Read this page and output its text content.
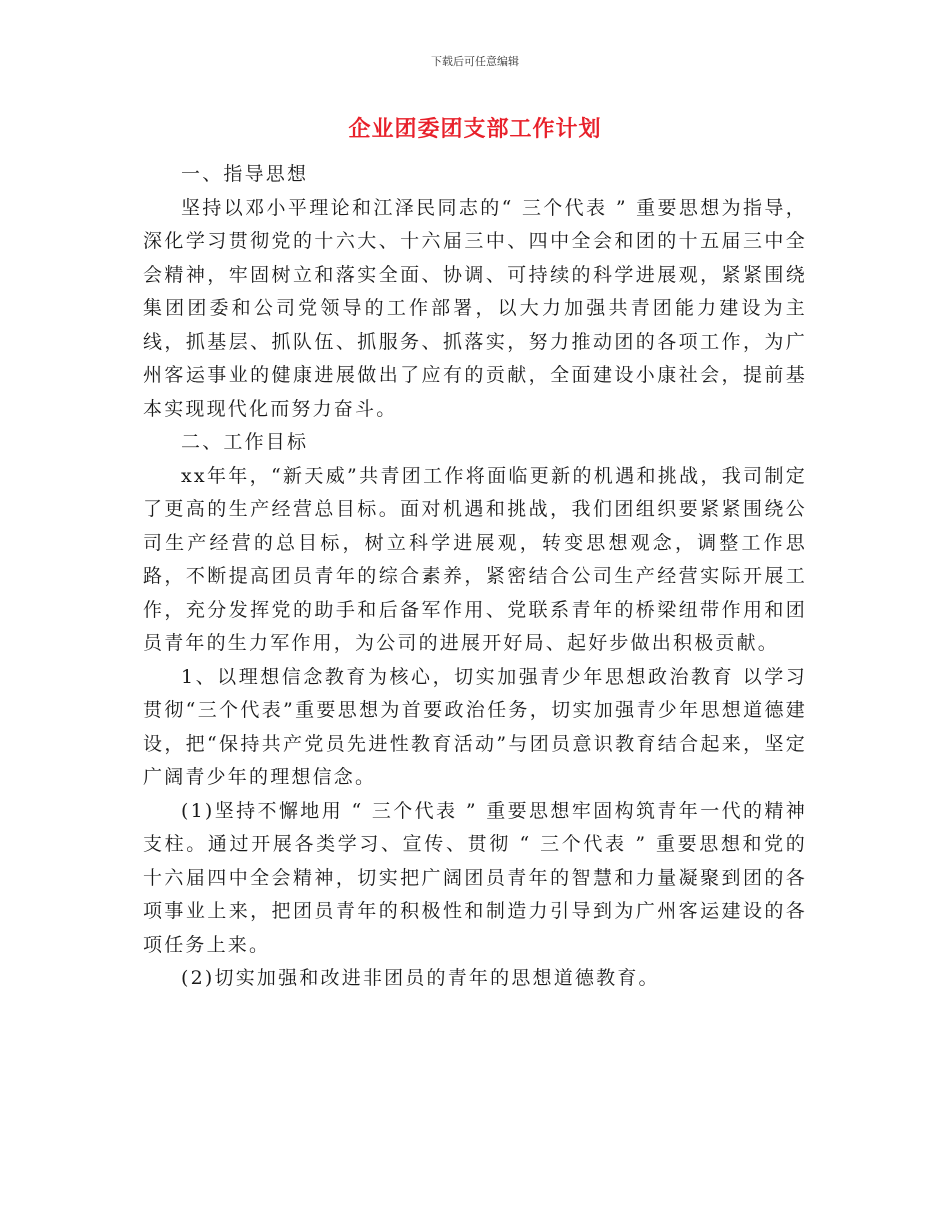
下载后可任意编辑
企业团委团支部工作计划

一、指导思想

坚持以邓小平理论和江泽民同志的“ 三个代表 ” 重要思想为指导，深化学习贯彻党的十六大、十六届三中、四中全会和团的十五届三中全会精神，牢固树立和落实全面、协调、可持续的科学进展观，紧紧围绕集团团委和公司党领导的工作部署，以大力加强共青团能力建设为主线，抓基层、抓队伍、抓服务、抓落实，努力推动团的各项工作，为广州客运事业的健康进展做出了应有的贡献，全面建设小康社会，提前基本实现现代化而努力奋斗。

二、工作目标

xx年年，“新天威”共青团工作将面临更新的机遇和挑战，我司制定了更高的生产经营总目标。面对机遇和挑战，我们团组织要紧紧围绕公司生产经营的总目标，树立科学进展观，转变思想观念，调整工作思路，不断提高团员青年的综合素养，紧密结合公司生产经营实际开展工作，充分发挥党的助手和后备军作用、党联系青年的桥梁纽带作用和团员青年的生力军作用，为公司的进展开好局、起好步做出积极贡献。

1、以理想信念教育为核心，切实加强青少年思想政治教育 以学习贯彻“三个代表”重要思想为首要政治任务，切实加强青少年思想道德建设，把“保持共产党员先进性教育活动”与团员意识教育结合起来，坚定广阔青少年的理想信念。

(1)坚持不懈地用 “ 三个代表 ” 重要思想牢固构筑青年一代的精神支柱。通过开展各类学习、宣传、贯彻 “ 三个代表 ” 重要思想和党的十六届四中全会精神，切实把广阔团员青年的智慧和力量凝聚到团的各项事业上来，把团员青年的积极性和制造力引导到为广州客运建设的各项任务上来。

(2)切实加强和改进非团员的青年的思想道德教育。
